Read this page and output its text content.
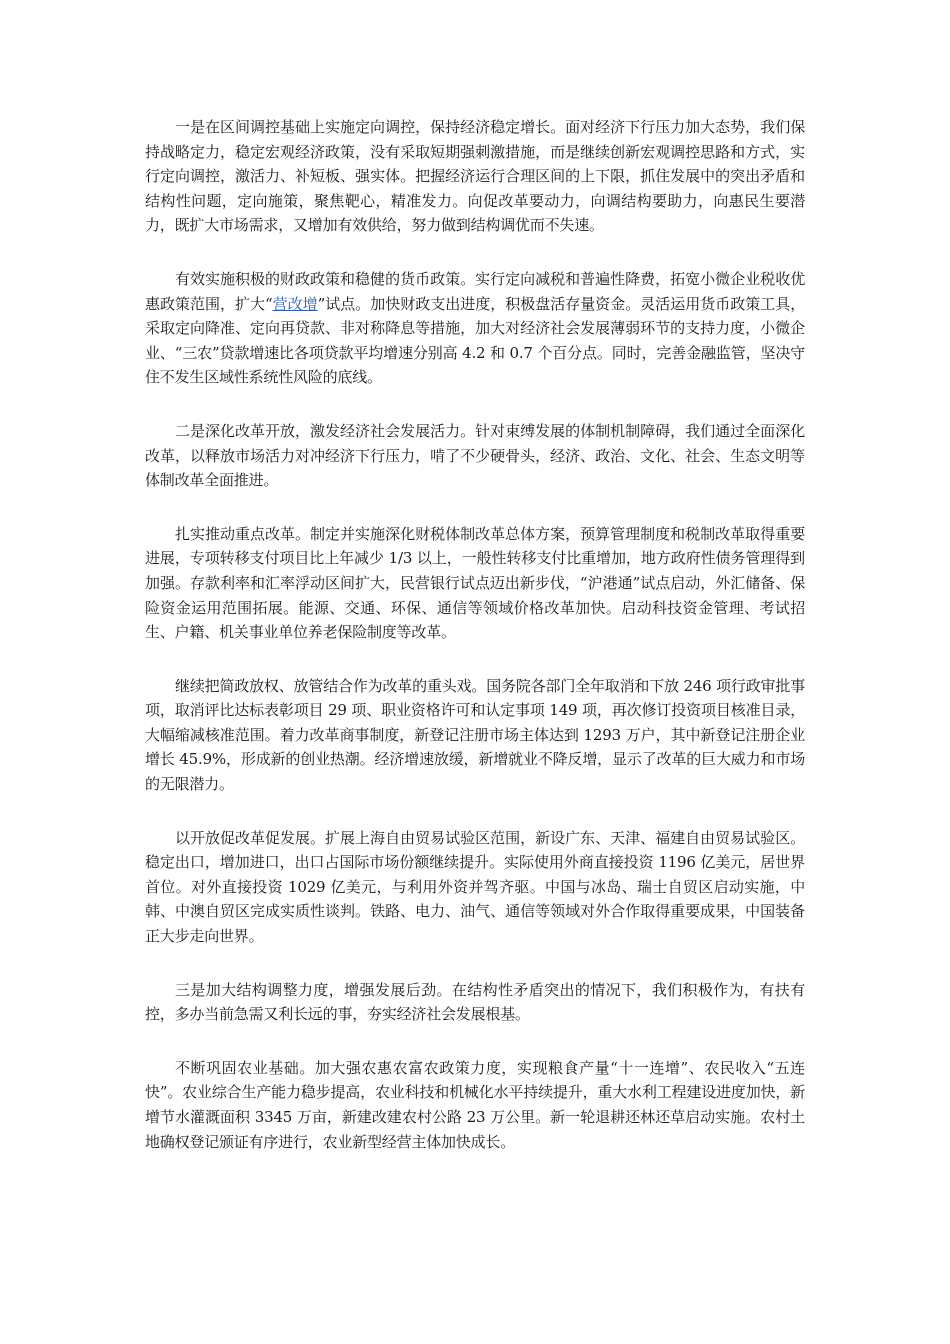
一是在区间调控基础上实施定向调控，保持经济稳定增长。面对经济下行压力加大态势，我们保持战略定力，稳定宏观经济政策，没有采取短期强刺激措施，而是继续创新宏观调控思路和方式，实行定向调控，激活力、补短板、强实体。把握经济运行合理区间的上下限，抓住发展中的突出矛盾和结构性问题，定向施策，聚焦靶心，精准发力。向促改革要动力，向调结构要助力，向惠民生要潜力，既扩大市场需求，又增加有效供给，努力做到结构调优而不失速。

有效实施积极的财政政策和稳健的货币政策。实行定向减税和普遍性降费，拓宽小微企业税收优惠政策范围，扩大“营改增”试点。加快财政支出进度，积极盘活存量资金。灵活运用货币政策工具，采取定向降准、定向再贷款、非对称降息等措施，加大对经济社会发展薄弱环节的支持力度，小微企业、“三农”贷款增速比各项贷款平均增速分别高 4.2 和 0.7 个百分点。同时，完善金融监管，坚决守住不发生区域性系统性风险的底线。

二是深化改革开放，激发经济社会发展活力。针对束缚发展的体制机制障碍，我们通过全面深化改革，以释放市场活力对冲经济下行压力，啃了不少硬骨头，经济、政治、文化、社会、生态文明等体制改革全面推进。

扎实推动重点改革。制定并实施深化财税体制改革总体方案，预算管理制度和税制改革取得重要进展，专项转移支付项目比上年减少 1/3 以上，一般性转移支付比重增加，地方政府性债务管理得到加强。存款利率和汇率浮动区间扩大，民营银行试点迈出新步伐，“沪港通”试点启动，外汇储备、保险资金运用范围拓展。能源、交通、环保、通信等领域价格改革加快。启动科技资金管理、考试招生、户籍、机关事业单位养老保险制度等改革。

继续把简政放权、放管结合作为改革的重头戏。国务院各部门全年取消和下放 246 项行政审批事项，取消评比达标表彰项目 29 项、职业资格许可和认定事项 149 项，再次修订投资项目核准目录，大幅缩减核准范围。着力改革商事制度，新登记注册市场主体达到 1293 万户，其中新登记注册企业增长 45.9%，形成新的创业热潮。经济增速放缓，新增就业不降反增，显示了改革的巨大威力和市场的无限潜力。

以开放促改革促发展。扩展上海自由贸易试验区范围，新设广东、天津、福建自由贸易试验区。稳定出口，增加进口，出口占国际市场份额继续提升。实际使用外商直接投资 1196 亿美元，居世界首位。对外直接投资 1029 亿美元，与利用外资并驾齐驱。中国与冰岛、瑞士自贸区启动实施，中韩、中澳自贸区完成实质性谈判。铁路、电力、油气、通信等领域对外合作取得重要成果，中国装备正大步走向世界。

三是加大结构调整力度，增强发展后劲。在结构性矛盾突出的情况下，我们积极作为，有扶有控，多办当前急需又利长远的事，夯实经济社会发展根基。

不断巩固农业基础。加大强农惠农富农政策力度，实现粮食产量“十一连增”、农民收入“五连快”。农业综合生产能力稳步提高，农业科技和机械化水平持续提升，重大水利工程建设进度加快，新增节水灌溉面积 3345 万亩，新建改建农村公路 23 万公里。新一轮退耕还林还草启动实施。农村土地确权登记颁证有序进行，农业新型经营主体加快成长。
